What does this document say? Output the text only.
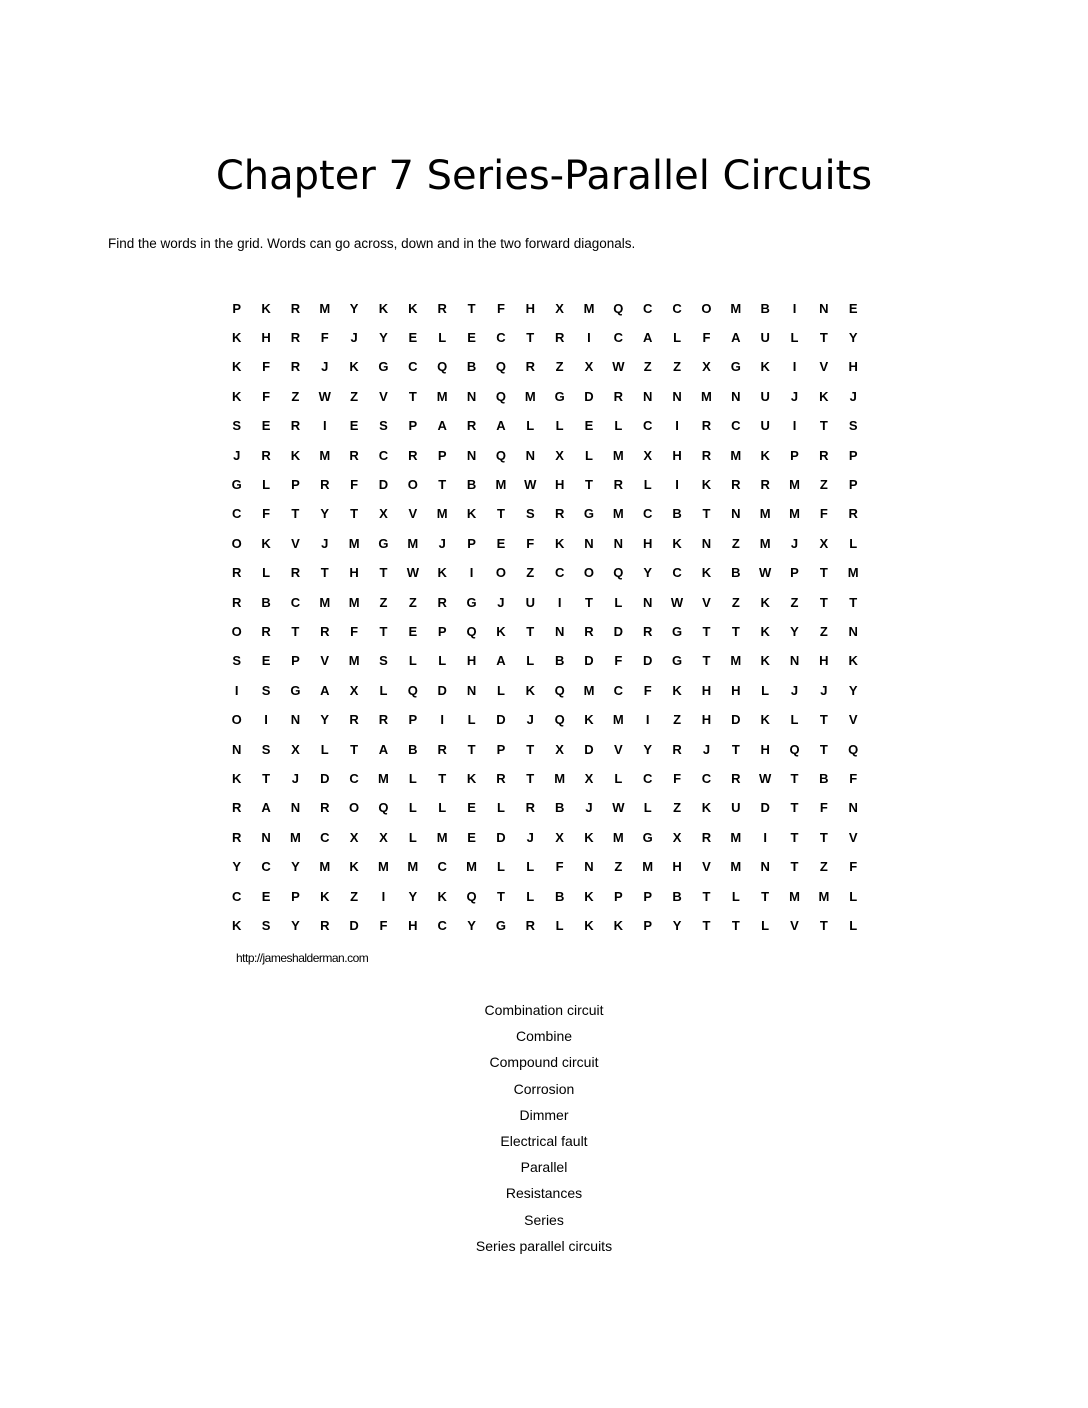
Chapter 7 Series-Parallel Circuits
Find the words in the grid. Words can go across, down and in the two forward diagonals.
P	K	R	M	Y	K	K	R	T	F	H	X	M	Q	C	C	O	M	B	I	N	E
K	H	R	F	J	Y	E	L	E	C	T	R	I	C	A	L	F	A	U	L	T	Y
K	F	R	J	K	G	C	Q	B	Q	R	Z	X	W	Z	Z	X	G	K	I	V	H
K	F	Z	W	Z	V	T	M	N	Q	M	G	D	R	N	N	M	N	U	J	K	J
S	E	R	I	E	S	P	A	R	A	L	L	E	L	C	I	R	C	U	I	T	S
J	R	K	M	R	C	R	P	N	Q	N	X	L	M	X	H	R	M	K	P	R	P
G	L	P	R	F	D	O	T	B	M	W	H	T	R	L	I	K	R	R	M	Z	P
C	F	T	Y	T	X	V	M	K	T	S	R	G	M	C	B	T	N	M	M	F	R
O	K	V	J	M	G	M	J	P	E	F	K	N	N	H	K	N	Z	M	J	X	L
R	L	R	T	H	T	W	K	I	O	Z	C	O	Q	Y	C	K	B	W	P	T	M
R	B	C	M	M	Z	Z	R	G	J	U	I	T	L	N	W	V	Z	K	Z	T	T
O	R	T	R	F	T	E	P	Q	K	T	N	R	D	R	G	T	T	K	Y	Z	N
S	E	P	V	M	S	L	L	H	A	L	B	D	F	D	G	T	M	K	N	H	K
I	S	G	A	X	L	Q	D	N	L	K	Q	M	C	F	K	H	H	L	J	J	Y
O	I	N	Y	R	R	P	I	L	D	J	Q	K	M	I	Z	H	D	K	L	T	V
N	S	X	L	T	A	B	R	T	P	T	X	D	V	Y	R	J	T	H	Q	T	Q
K	T	J	D	C	M	L	T	K	R	T	M	X	L	C	F	C	R	W	T	B	F
R	A	N	R	O	Q	L	L	E	L	R	B	J	W	L	Z	K	U	D	T	F	N
R	N	M	C	X	X	L	M	E	D	J	X	K	M	G	X	R	M	I	T	T	V
Y	C	Y	M	K	M	M	C	M	L	L	F	N	Z	M	H	V	M	N	T	Z	F
C	E	P	K	Z	I	Y	K	Q	T	L	B	K	P	P	B	T	L	T	M	M	L
K	S	Y	R	D	F	H	C	Y	G	R	L	K	K	P	Y	T	T	L	V	T	L
http://jameshalderman.com
Combination circuit
Combine
Compound circuit
Corrosion
Dimmer
Electrical fault
Parallel
Resistances
Series
Series parallel circuits
